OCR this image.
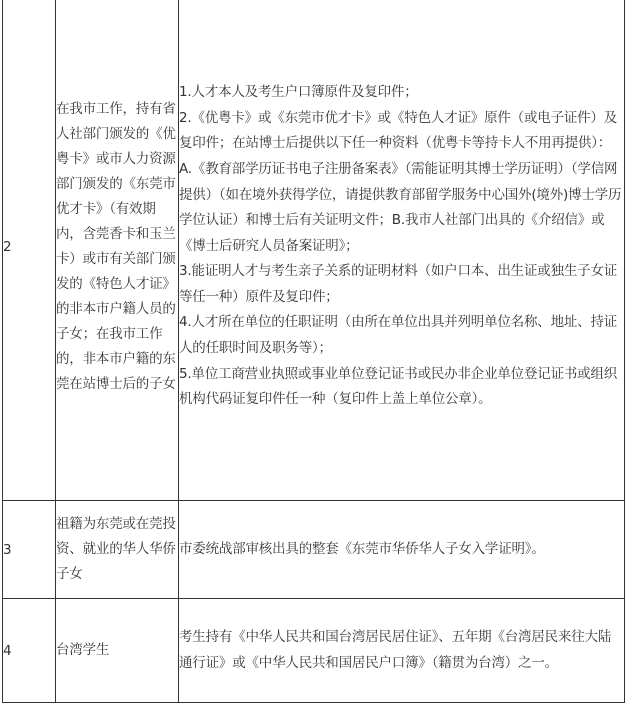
2	在我市工作，持有省人社部门颁发的《优粤卡》或市人力资源部门颁发的《东莞市优才卡》（有效期内，含莞香卡和玉兰卡）或市有关部门颁发的《特色人才证》的非本市户籍人员的子女；在我市工作的，非本市户籍的东莞在站博士后的子女	1.人才本人及考生户口簿原件及复印件；

2.《优粤卡》或《东莞市优才卡》或《特色人才证》原件（或电子证件）及复印件；在站博士后提供以下任一种资料（优粤卡等持卡人不用再提供）：A.《教育部学历证书电子注册备案表》（需能证明其博士学历证明）（学信网提供）（如在境外获得学位，请提供教育部留学服务中心国外(境外)博士学历学位认证）和博士后有关证明文件；B.我市人社部门出具的《介绍信》或《博士后研究人员备案证明》；

3.能证明人才与考生亲子关系的证明材料（如户口本、出生证或独生子女证等任一种）原件及复印件；

4.人才所在单位的任职证明（由所在单位出具并列明单位名称、地址、持证人的任职时间及职务等）；

5.单位工商营业执照或事业单位登记证书或民办非企业单位登记证书或组织机构代码证复印件任一种（复印件上盖上单位公章）。

3	祖籍为东莞或在莞投资、就业的华人华侨子女	市委统战部审核出具的整套《东莞市华侨华人子女入学证明》。

4	台湾学生	考生持有《中华人民共和国台湾居民居住证》、五年期《台湾居民来往大陆通行证》或《中华人民共和国居民户口簿》（籍贯为台湾）之一。
